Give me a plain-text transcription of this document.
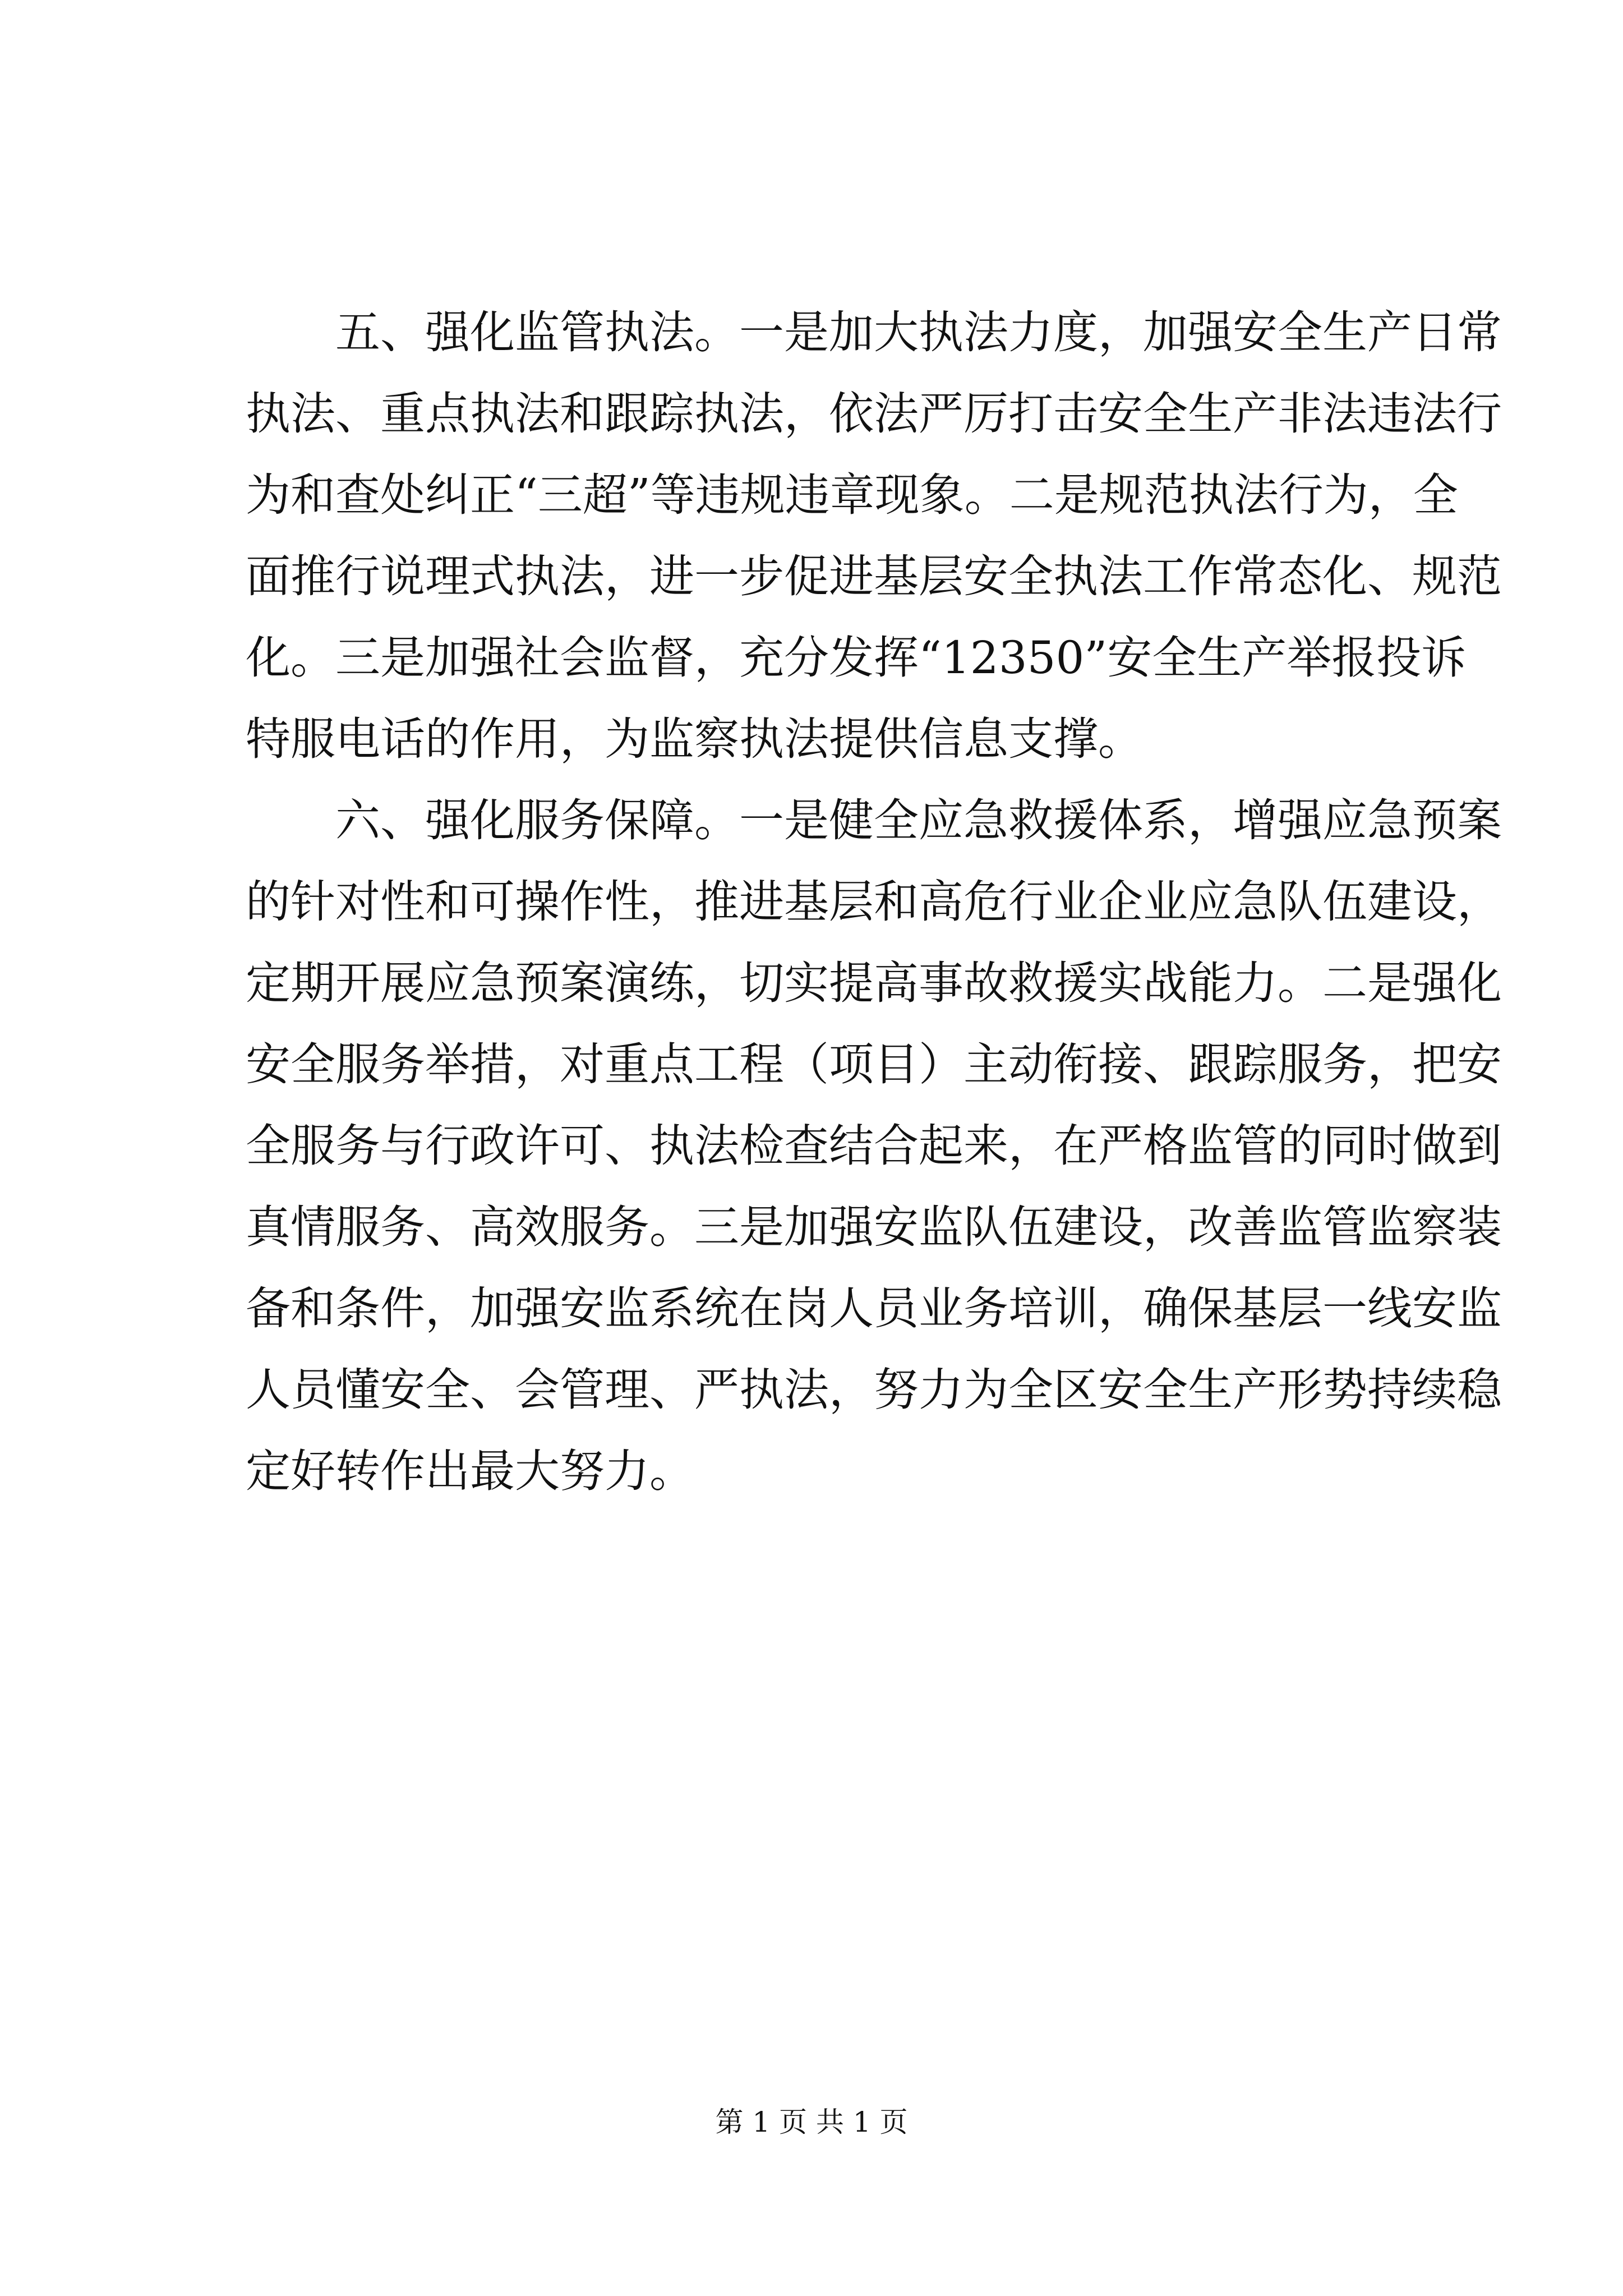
五、强化监管执法。一是加大执法力度，加强安全生产日常
执法、重点执法和跟踪执法，依法严厉打击安全生产非法违法行
为和查处纠正“三超”等违规违章现象。二是规范执法行为，全
面推行说理式执法，进一步促进基层安全执法工作常态化、规范
化。三是加强社会监督，充分发挥“12350”安全生产举报投诉
特服电话的作用，为监察执法提供信息支撑。
六、强化服务保障。一是健全应急救援体系，增强应急预案
的针对性和可操作性，推进基层和高危行业企业应急队伍建设，
定期开展应急预案演练，切实提高事故救援实战能力。二是强化
安全服务举措，对重点工程（项目）主动衔接、跟踪服务，把安
全服务与行政许可、执法检查结合起来，在严格监管的同时做到
真情服务、高效服务。三是加强安监队伍建设，改善监管监察装
备和条件，加强安监系统在岗人员业务培训，确保基层一线安监
人员懂安全、会管理、严执法，努力为全区安全生产形势持续稳
定好转作出最大努力。
第 1 页 共 1 页
